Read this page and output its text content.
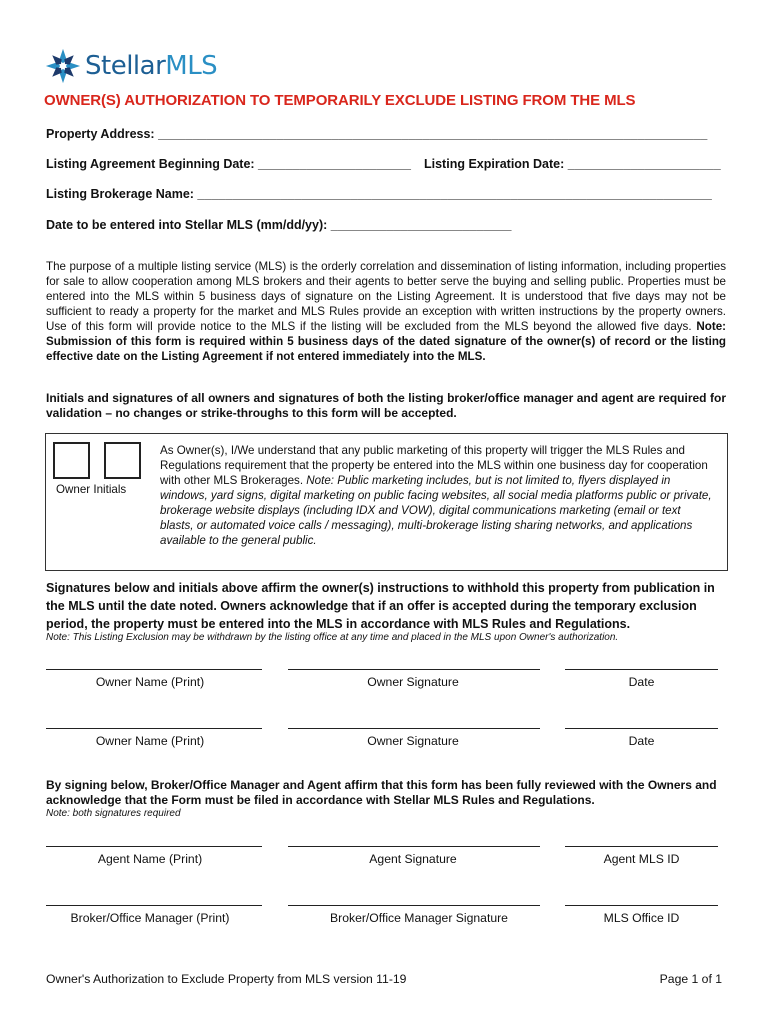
StellarMLS
OWNER(S) AUTHORIZATION TO TEMPORARILY EXCLUDE LISTING FROM THE MLS
Property Address: _______________________________________________________________________________
Listing Agreement Beginning Date: ______________________ Listing Expiration Date: ______________________
Listing Brokerage Name: __________________________________________________________________________
Date to be entered into Stellar MLS (mm/dd/yy): __________________________
The purpose of a multiple listing service (MLS) is the orderly correlation and dissemination of listing information, including properties for sale to allow cooperation among MLS brokers and their agents to better serve the buying and selling public. Properties must be entered into the MLS within 5 business days of signature on the Listing Agreement. It is understood that five days may not be sufficient to ready a property for the market and MLS Rules provide an exception with written instructions by the property owners. Use of this form will provide notice to the MLS if the listing will be excluded from the MLS beyond the allowed five days. Note: Submission of this form is required within 5 business days of the dated signature of the owner(s) of record or the listing effective date on the Listing Agreement if not entered immediately into the MLS.
Initials and signatures of all owners and signatures of both the listing broker/office manager and agent are required for validation – no changes or strike-throughs to this form will be accepted.
Owner Initials
As Owner(s), I/We understand that any public marketing of this property will trigger the MLS Rules and Regulations requirement that the property be entered into the MLS within one business day for cooperation with other MLS Brokerages. Note: Public marketing includes, but is not limited to, flyers displayed in windows, yard signs, digital marketing on public facing websites, all social media platforms public or private, brokerage website displays (including IDX and VOW), digital communications marketing (email or text blasts, or automated voice calls / messaging), multi-brokerage listing sharing networks, and applications available to the general public.
Signatures below and initials above affirm the owner(s) instructions to withhold this property from publication in the MLS until the date noted. Owners acknowledge that if an offer is accepted during the temporary exclusion period, the property must be entered into the MLS in accordance with MLS Rules and Regulations.
Note: This Listing Exclusion may be withdrawn by the listing office at any time and placed in the MLS upon Owner's authorization.
Owner Name (Print)	Owner Signature	Date
Owner Name (Print)	Owner Signature	Date
By signing below, Broker/Office Manager and Agent affirm that this form has been fully reviewed with the Owners and acknowledge that the Form must be filed in accordance with Stellar MLS Rules and Regulations.
Note: both signatures required
Agent Name (Print)	Agent Signature	Agent MLS ID
Broker/Office Manager (Print)	Broker/Office Manager Signature	MLS Office ID
Owner's Authorization to Exclude Property from MLS version 11-19	Page 1 of 1
